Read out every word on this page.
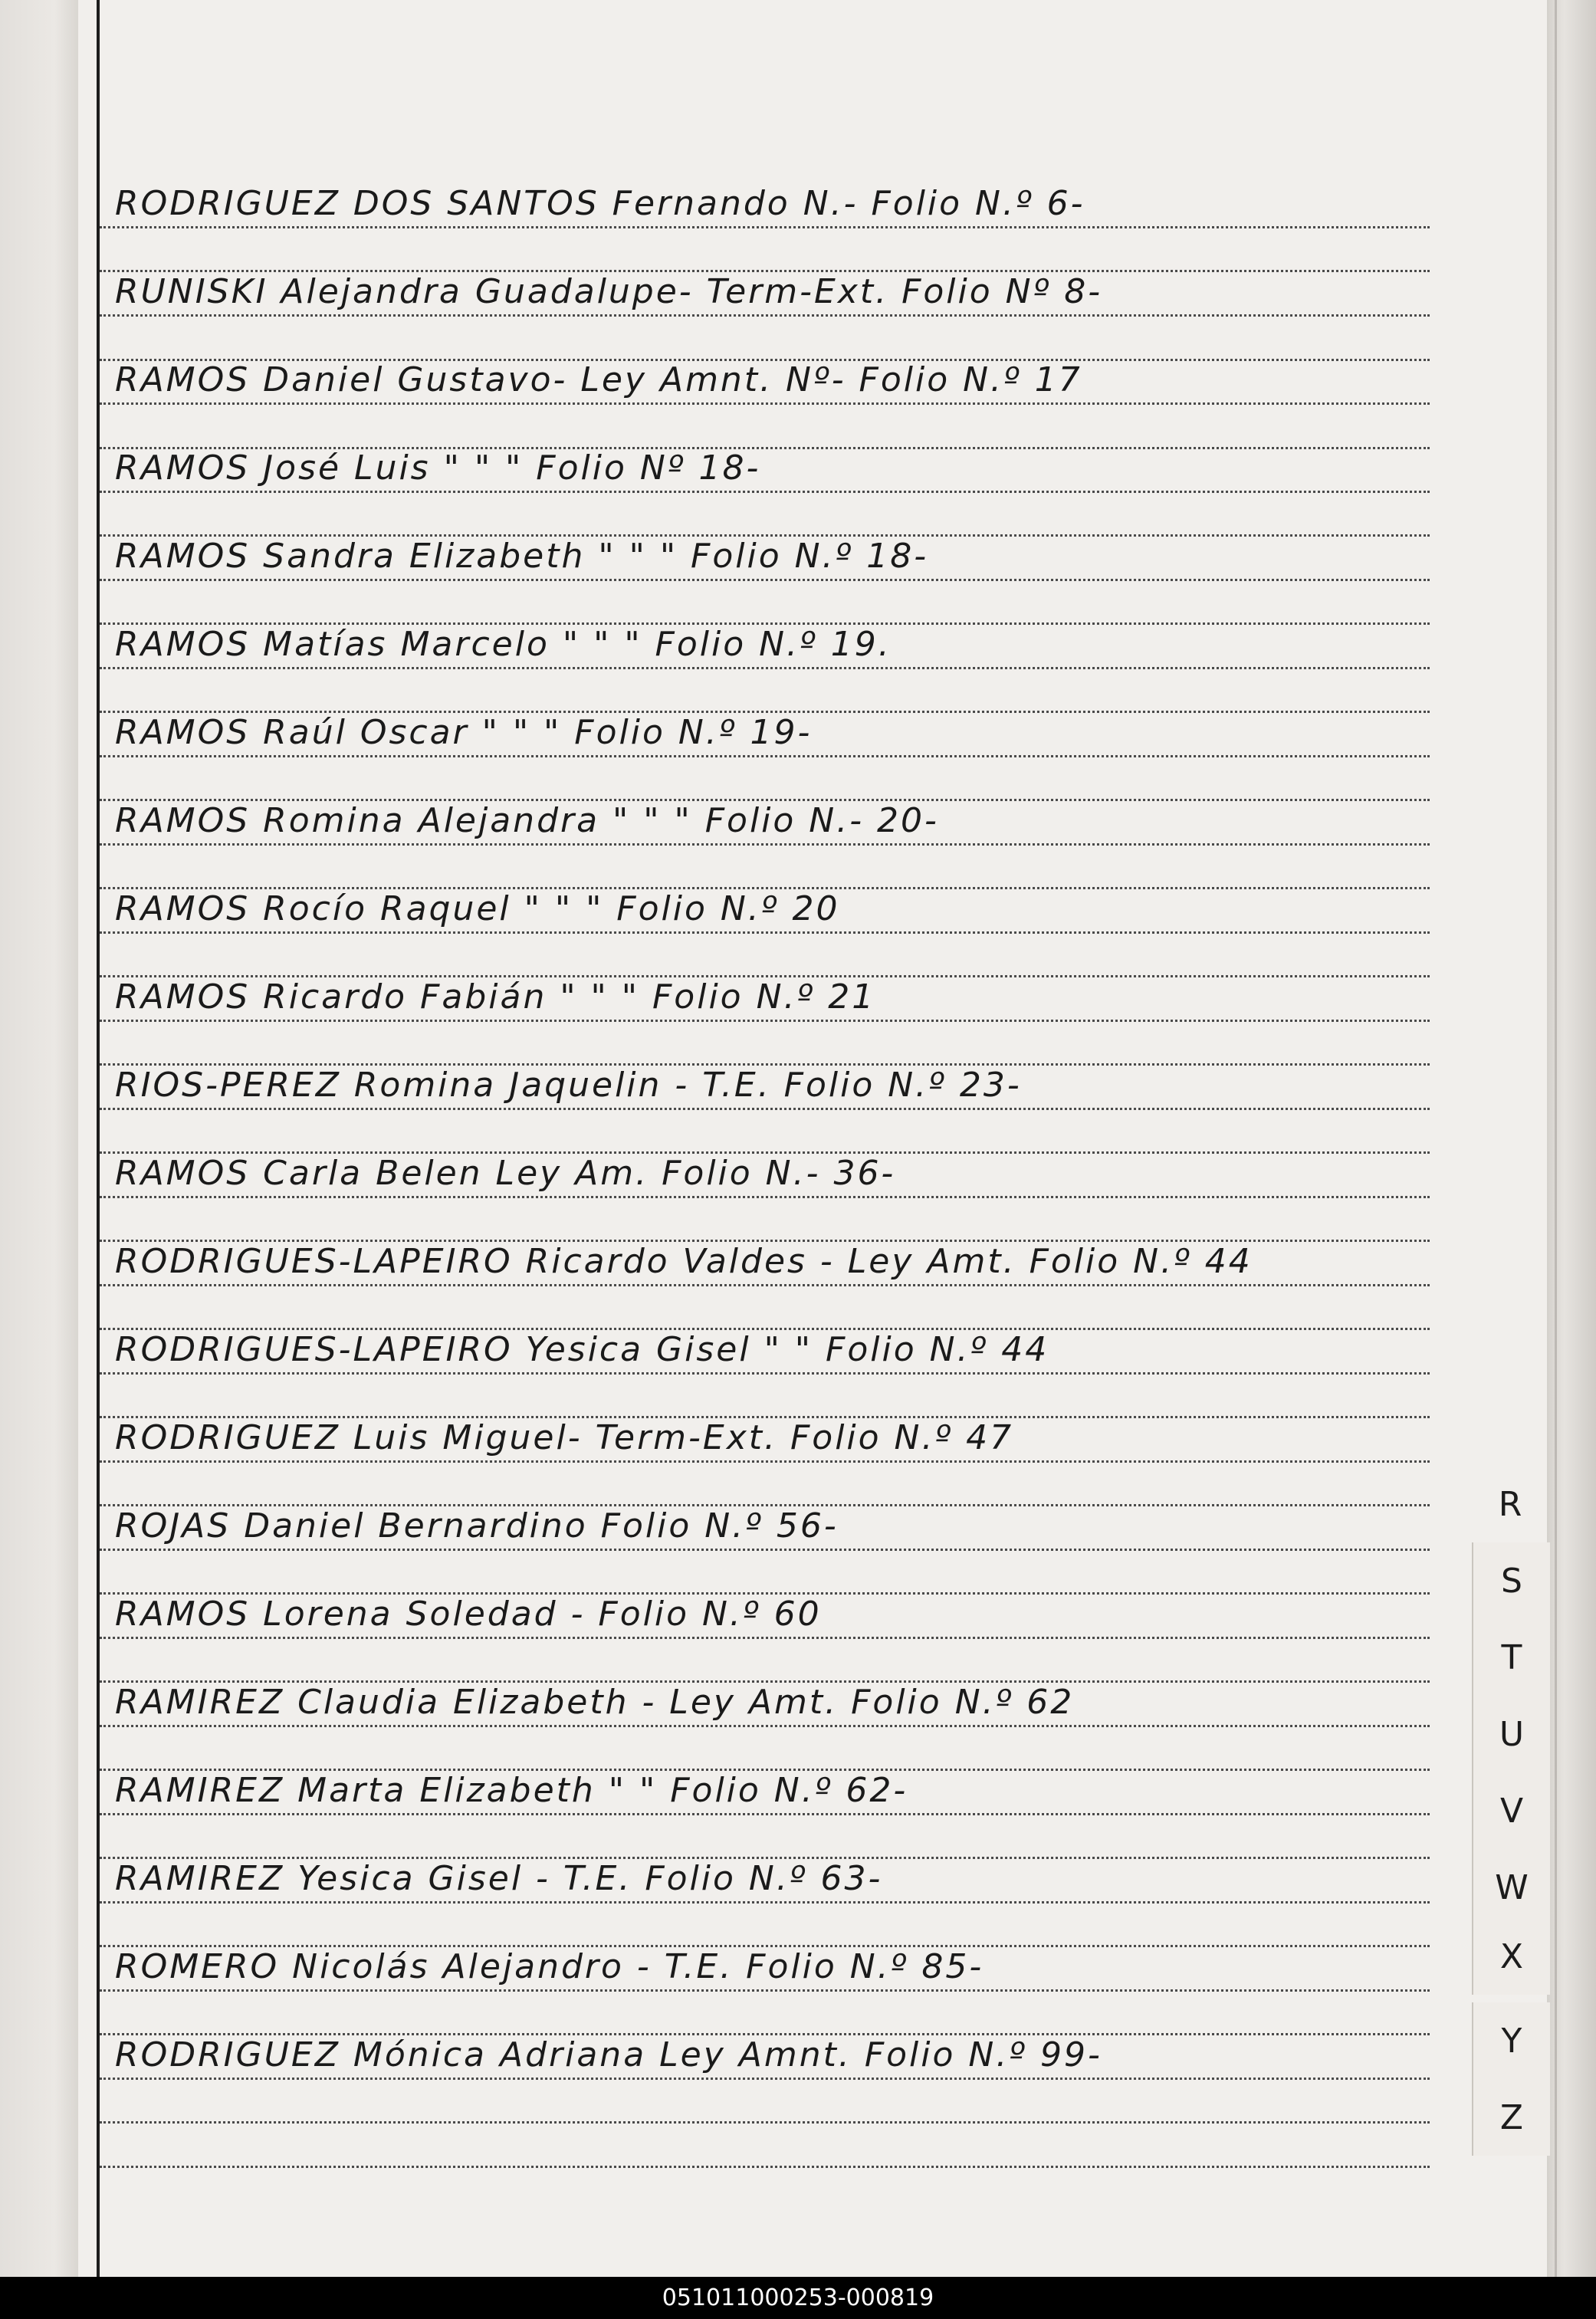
RODRIGUEZ DOS SANTOS Fernando N.- Folio N.º 6-
RUNISKI Alejandra Guadalupe- Term-Ext. Folio Nº 8-
RAMOS Daniel Gustavo- Ley Amnt. Nº- Folio N.º 17
RAMOS José Luis " " " Folio Nº 18-
RAMOS Sandra Elizabeth " " " Folio N.º 18-
RAMOS Matías Marcelo " " " Folio N.º 19.
RAMOS Raúl Oscar " " " Folio N.º 19-
RAMOS Romina Alejandra " " " Folio N.- 20-
RAMOS Rocío Raquel " " " Folio N.º 20
RAMOS Ricardo Fabián " " " Folio N.º 21
RIOS-PEREZ Romina Jaquelin - T.E. Folio N.º 23-
RAMOS Carla Belen Ley Am. Folio N.- 36-
RODRIGUES-LAPEIRO Ricardo Valdes - Ley Amt. Folio N.º 44
RODRIGUES-LAPEIRO Yesica Gisel " " Folio N.º 44
RODRIGUEZ Luis Miguel- Term-Ext. Folio N.º 47
ROJAS Daniel Bernardino Folio N.º 56-
RAMOS Lorena Soledad - Folio N.º 60
RAMIREZ Claudia Elizabeth - Ley Amt. Folio N.º 62
RAMIREZ Marta Elizabeth " " Folio N.º 62-
RAMIREZ Yesica Gisel - T.E. Folio N.º 63-
ROMERO Nicolás Alejandro - T.E. Folio N.º 85-
RODRIGUEZ Mónica Adriana Ley Amnt. Folio N.º 99-
R
S
T
U
V
W
X
Y
Z
051011000253-000819
